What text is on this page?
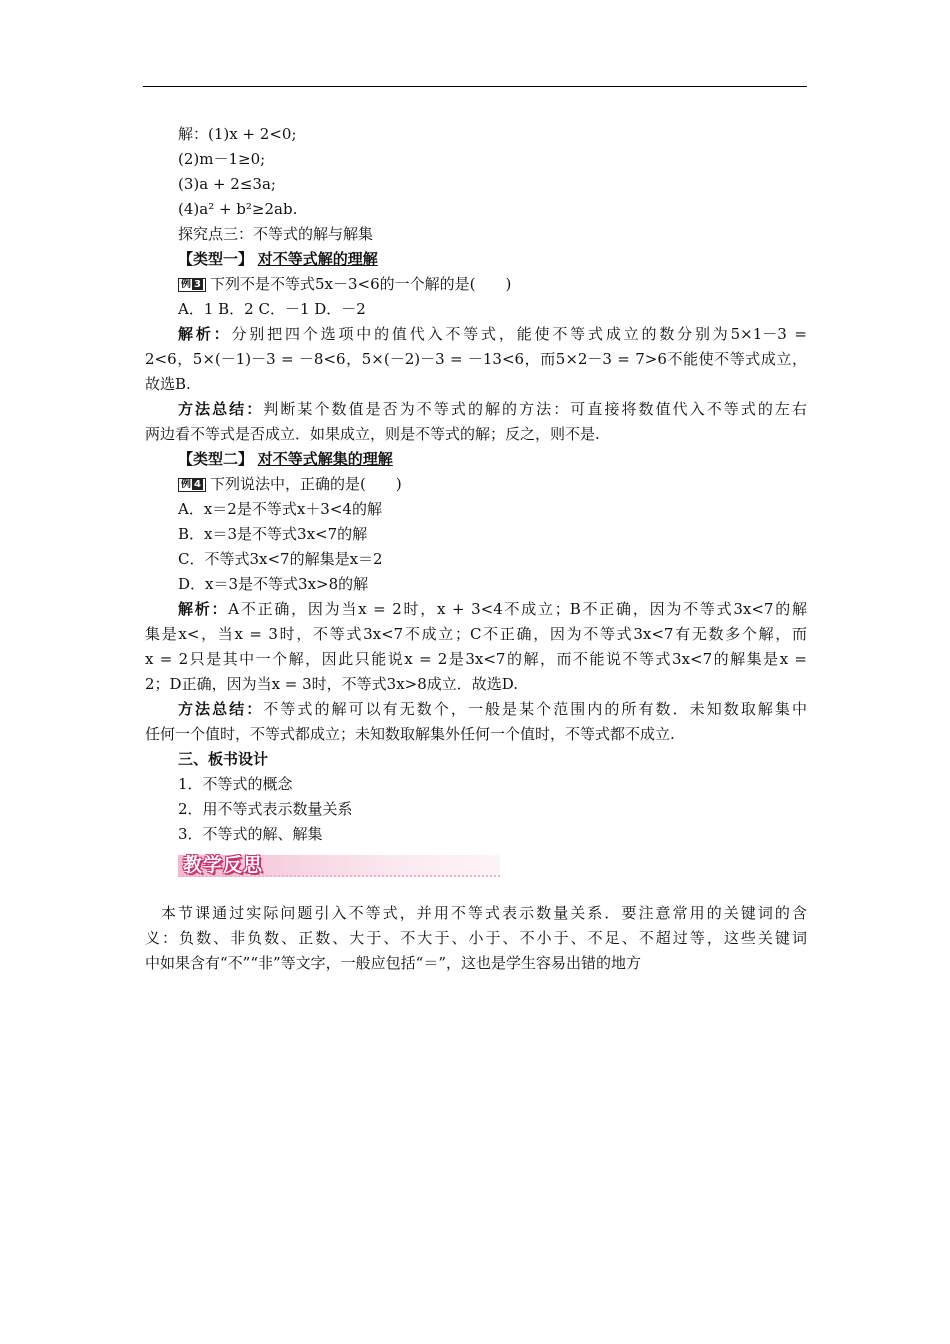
解：(1)x + 2<0;
(2)m－1≥0;
(3)a + 2≤3a;
(4)a² + b²≥2ab.
探究点三：不等式的解与解集
【类型一】 对不等式解的理解
例 3 下列不是不等式5x－3<6的一个解的是(　　)
A．1 B．2 C．－1 D．－2
解析：分别把四个选项中的值代入不等式，能使不等式成立的数分别为5×1－3 =
2<6，5×(－1)－3 = －8<6，5×(－2)－3 = －13<6，而5×2－3 = 7>6不能使不等式成立，
故选B.
方法总结：判断某个数值是否为不等式的解的方法：可直接将数值代入不等式的左右
两边看不等式是否成立．如果成立，则是不等式的解；反之，则不是.
【类型二】 对不等式解集的理解
例 4 下列说法中，正确的是(　　)
A．x＝2是不等式x＋3<4的解
B．x＝3是不等式3x<7的解
C．不等式3x<7的解集是x＝2
D．x＝3是不等式3x>8的解
解析：A不正确，因为当x = 2时，x + 3<4不成立；B不正确，因为不等式3x<7的解
集是x<，当x = 3时，不等式3x<7不成立；C不正确，因为不等式3x<7有无数多个解，而
x = 2只是其中一个解，因此只能说x = 2是3x<7的解，而不能说不等式3x<7的解集是x =
2；D正确，因为当x = 3时，不等式3x>8成立．故选D.
方法总结：不等式的解可以有无数个，一般是某个范围内的所有数．未知数取解集中
任何一个值时，不等式都成立；未知数取解集外任何一个值时，不等式都不成立.
三、板书设计
1．不等式的概念
2．用不等式表示数量关系
3．不等式的解、解集
教学反思
本节课通过实际问题引入不等式，并用不等式表示数量关系．要注意常用的关键词的含
义：负数、非负数、正数、大于、不大于、小于、不小于、不足、不超过等，这些关键词
中如果含有“不”“非”等文字，一般应包括“＝”，这也是学生容易出错的地方
